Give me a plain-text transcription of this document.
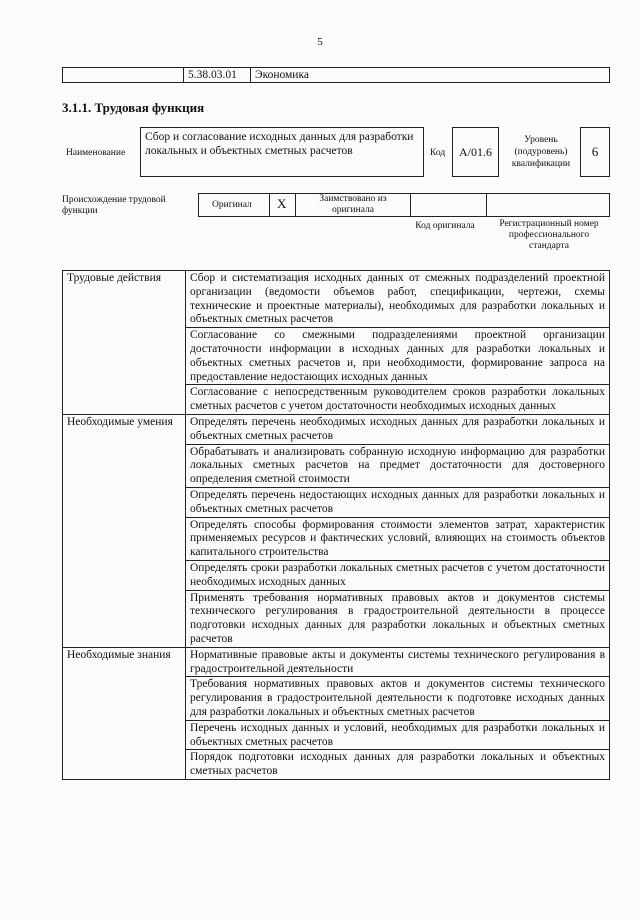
5
5.38.03.01 Экономика
3.1.1. Трудовая функция
Наименование
Сбор и согласование исходных данных для разработки локальных и объектных сметных расчетов	Код	А/01.6
Уровень (подуровень) квалификации
6
Происхождение трудовой функции
Оригинал X	Заимствовано из оригинала
Код оригинала	Регистрационный номер профессионального стандарта
Трудовые действия	Сбор и систематизация исходных данных от смежных подразделений проектной организации (ведомости объемов работ, спецификации, чертежи, схемы технические и проектные материалы), необходимых для разработки локальных и объектных сметных расчетов
	Согласование со смежными подразделениями проектной организации достаточности информации в исходных данных для разработки локальных и объектных сметных расчетов и, при необходимости, формирование запроса на предоставление недостающих исходных данных
	Согласование с непосредственным руководителем сроков разработки локальных сметных расчетов с учетом достаточности необходимых исходных данных
Необходимые умения	Определять перечень необходимых исходных данных для разработки локальных и объектных сметных расчетов
	Обрабатывать и анализировать собранную исходную информацию для разработки локальных сметных расчетов на предмет достаточности для достоверного определения сметной стоимости
	Определять перечень недостающих исходных данных для разработки локальных и объектных сметных расчетов
	Определять способы формирования стоимости элементов затрат, характеристик применяемых ресурсов и фактических условий, влияющих на стоимость объектов капитального строительства
	Определять сроки разработки локальных сметных расчетов с учетом достаточности необходимых исходных данных
	Применять требования нормативных правовых актов и документов системы технического регулирования в градостроительной деятельности в процессе подготовки исходных данных для разработки локальных и объектных сметных расчетов
Необходимые знания	Нормативные правовые акты и документы системы технического регулирования в градостроительной деятельности
	Требования нормативных правовых актов и документов системы технического регулирования в градостроительной деятельности к подготовке исходных данных для разработки локальных и объектных сметных расчетов
	Перечень исходных данных и условий, необходимых для разработки локальных и объектных сметных расчетов
	Порядок подготовки исходных данных для разработки локальных и объектных сметных расчетов
